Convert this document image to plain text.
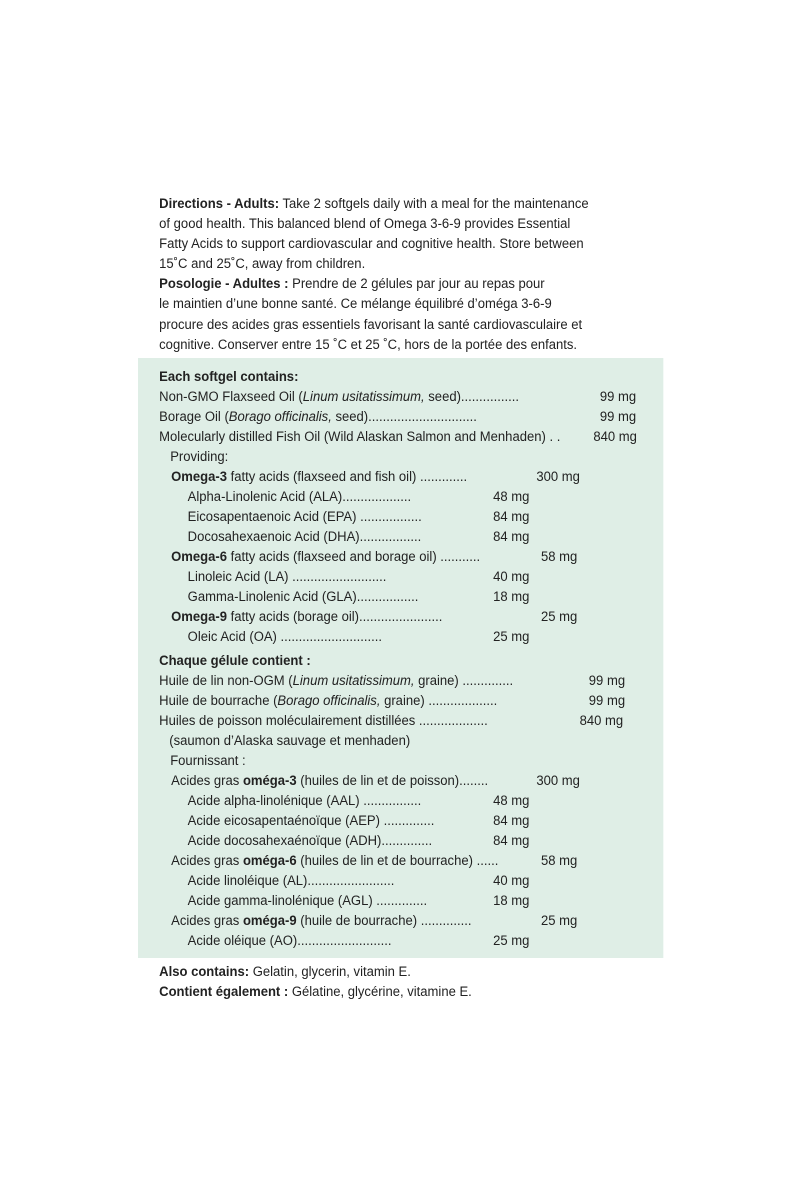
Directions - Adults: Take 2 softgels daily with a meal for the maintenance
of good health. This balanced blend of Omega 3-6-9 provides Essential
Fatty Acids to support cardiovascular and cognitive health. Store between
15˚C and 25˚C, away from children.
Posologie - Adultes : Prendre de 2 gélules par jour au repas pour
le maintien d’une bonne santé. Ce mélange équilibré d’oméga 3-6-9
procure des acides gras essentiels favorisant la santé cardiovasculaire et
cognitive. Conserver entre 15 ˚C et 25 ˚C, hors de la portée des enfants.
Each softgel contains:
Non-GMO Flaxseed Oil (Linum usitatissimum, seed)................	99 mg
Borage Oil (Borago officinalis, seed)..............................	99 mg
Molecularly distilled Fish Oil (Wild Alaskan Salmon and Menhaden) . . 840 mg
Providing:
Omega-3 fatty acids (flaxseed and fish oil) .............	300 mg
Alpha-Linolenic Acid (ALA)...................	48 mg
Eicosapentaenoic Acid (EPA) .................	84 mg
Docosahexaenoic Acid (DHA).................	84 mg
Omega-6 fatty acids (flaxseed and borage oil) ...........	58 mg
Linoleic Acid (LA) ..........................	40 mg
Gamma-Linolenic Acid (GLA).................	18 mg
Omega-9 fatty acids (borage oil).......................	25 mg
Oleic Acid (OA) ............................	25 mg
Chaque gélule contient :
Huile de lin non-OGM (Linum usitatissimum, graine) ..............	99 mg
Huile de bourrache (Borago officinalis, graine) ...................	99 mg
Huiles de poisson moléculairement distillées ...................	840 mg
(saumon d’Alaska sauvage et menhaden)
Fournissant :
Acides gras oméga-3 (huiles de lin et de poisson)........	300 mg
Acide alpha-linolénique (AAL) ................	48 mg
Acide eicosapentaénoïque (AEP) ..............	84 mg
Acide docosahexaénoïque (ADH)..............	84 mg
Acides gras oméga-6 (huiles de lin et de bourrache) ......	58 mg
Acide linoléique (AL)........................	40 mg
Acide gamma-linolénique (AGL) ..............	18 mg
Acides gras oméga-9 (huile de bourrache) ..............	25 mg
Acide oléique (AO)..........................	25 mg
Also contains: Gelatin, glycerin, vitamin E.
Contient également : Gélatine, glycérine, vitamine E.
